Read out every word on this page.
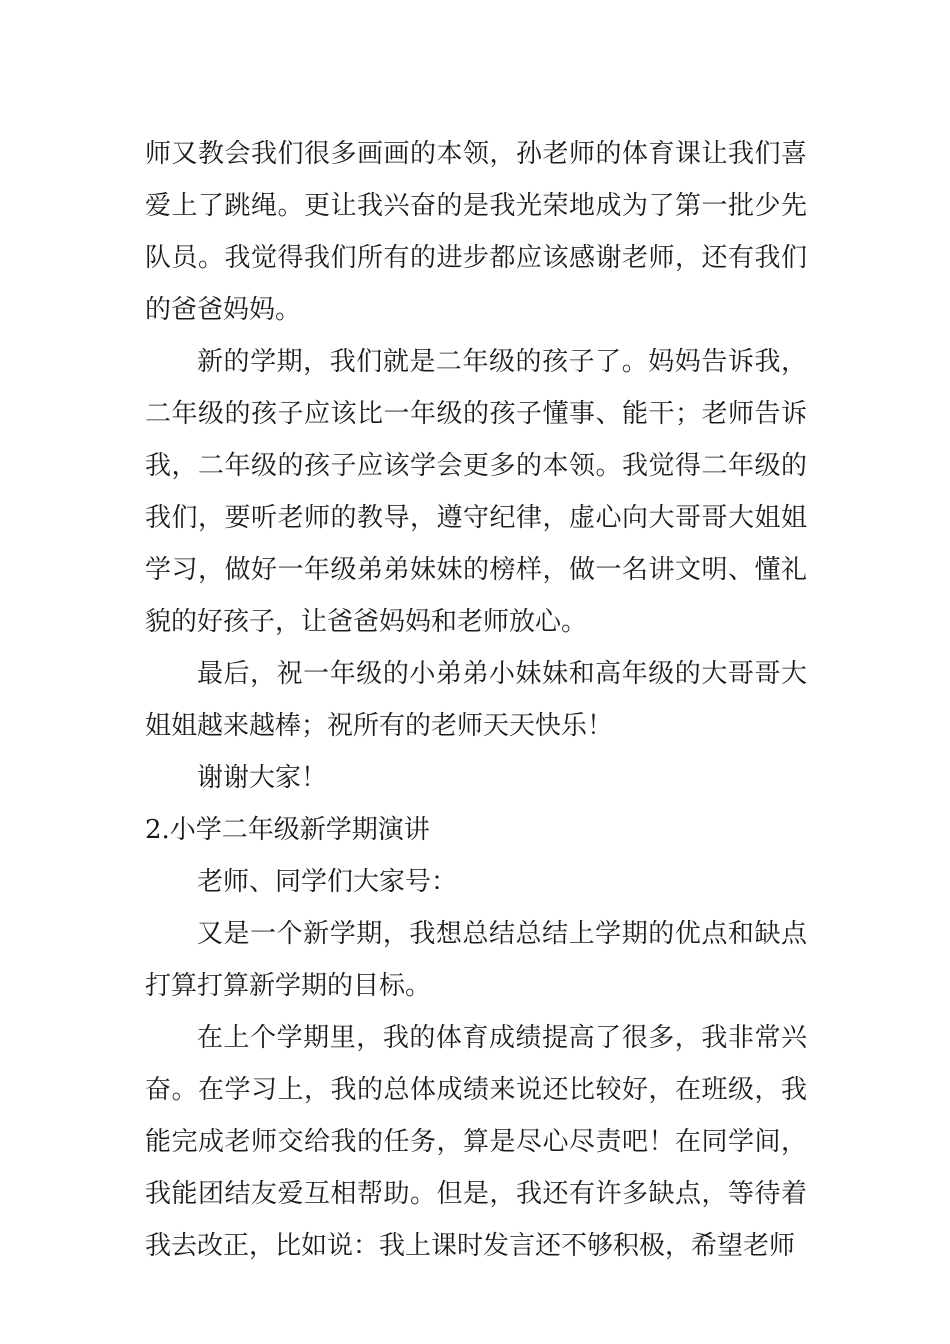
师又教会我们很多画画的本领，孙老师的体育课让我们喜爱上了跳绳。更让我兴奋的是我光荣地成为了第一批少先队员。我觉得我们所有的进步都应该感谢老师，还有我们的爸爸妈妈。

新的学期，我们就是二年级的孩子了。妈妈告诉我，二年级的孩子应该比一年级的孩子懂事、能干；老师告诉我，二年级的孩子应该学会更多的本领。我觉得二年级的我们，要听老师的教导，遵守纪律，虚心向大哥哥大姐姐学习，做好一年级弟弟妹妹的榜样，做一名讲文明、懂礼貌的好孩子，让爸爸妈妈和老师放心。

最后，祝一年级的小弟弟小妹妹和高年级的大哥哥大姐姐越来越棒；祝所有的老师天天快乐！

谢谢大家！

2.小学二年级新学期演讲

老师、同学们大家号：

又是一个新学期，我想总结总结上学期的优点和缺点打算打算新学期的目标。

在上个学期里，我的体育成绩提高了很多，我非常兴奋。在学习上，我的总体成绩来说还比较好，在班级，我能完成老师交给我的任务，算是尽心尽责吧！在同学间，我能团结友爱互相帮助。但是，我还有许多缺点，等待着我去改正，比如说：我上课时发言还不够积极，希望老师
